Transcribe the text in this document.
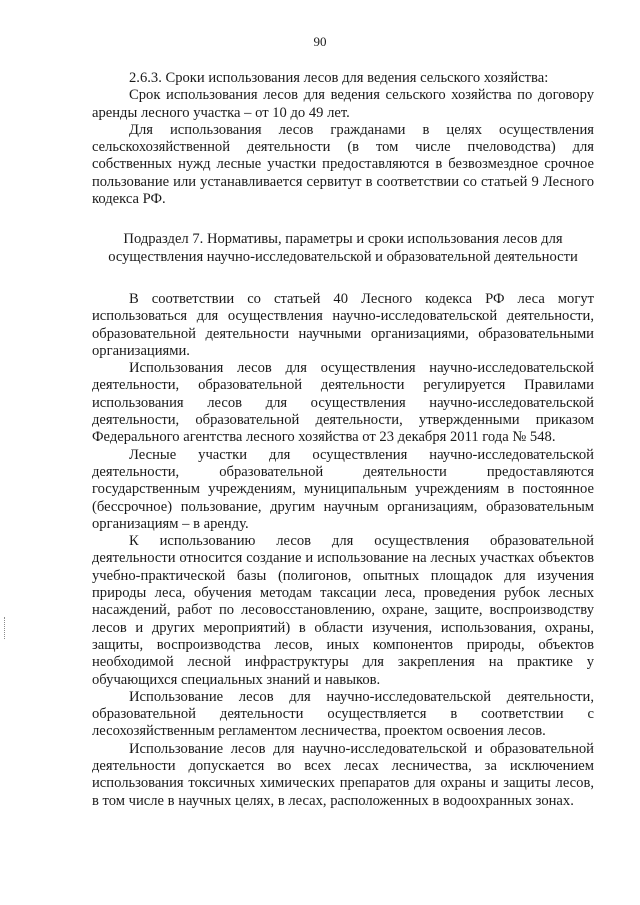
90

2.6.3. Сроки использования лесов для ведения сельского хозяйства:

Срок использования лесов для ведения сельского хозяйства по договору аренды лесного участка – от 10 до 49 лет.

Для использования лесов гражданами в целях осуществления сельскохозяйственной деятельности (в том числе пчеловодства) для собственных нужд лесные участки предоставляются в безвозмездное срочное пользование или устанавливается сервитут в соответствии со статьей 9 Лесного кодекса РФ.

Подраздел 7. Нормативы, параметры и сроки использования лесов для
осуществления научно-исследовательской и образовательной деятельности

В соответствии со статьей 40 Лесного кодекса РФ леса могут использоваться для осуществления научно-исследовательской деятельности, образовательной деятельности научными организациями, образовательными организациями.

Использования лесов для осуществления научно-исследовательской деятельности, образовательной деятельности регулируется Правилами использования лесов для осуществления научно-исследовательской деятельности, образовательной деятельности, утвержденными приказом Федерального агентства лесного хозяйства от 23 декабря 2011 года № 548.

Лесные участки для осуществления научно-исследовательской деятельности, образовательной деятельности предоставляются государственным учреждениям, муниципальным учреждениям в постоянное (бессрочное) пользование, другим научным организациям, образовательным организациям – в аренду.

К использованию лесов для осуществления образовательной деятельности относится создание и использование на лесных участках объектов учебно-практической базы (полигонов, опытных площадок для изучения природы леса, обучения методам таксации леса, проведения рубок лесных насаждений, работ по лесовосстановлению, охране, защите, воспроизводству лесов и других мероприятий) в области изучения, использования, охраны, защиты, воспроизводства лесов, иных компонентов природы, объектов необходимой лесной инфраструктуры для закрепления на практике у обучающихся специальных знаний и навыков.

Использование лесов для научно-исследовательской деятельности, образовательной деятельности осуществляется в соответствии с лесохозяйственным регламентом лесничества, проектом освоения лесов.

Использование лесов для научно-исследовательской и образовательной деятельности допускается во всех лесах лесничества, за исключением использования токсичных химических препаратов для охраны и защиты лесов, в том числе в научных целях, в лесах, расположенных в водоохранных зонах.
